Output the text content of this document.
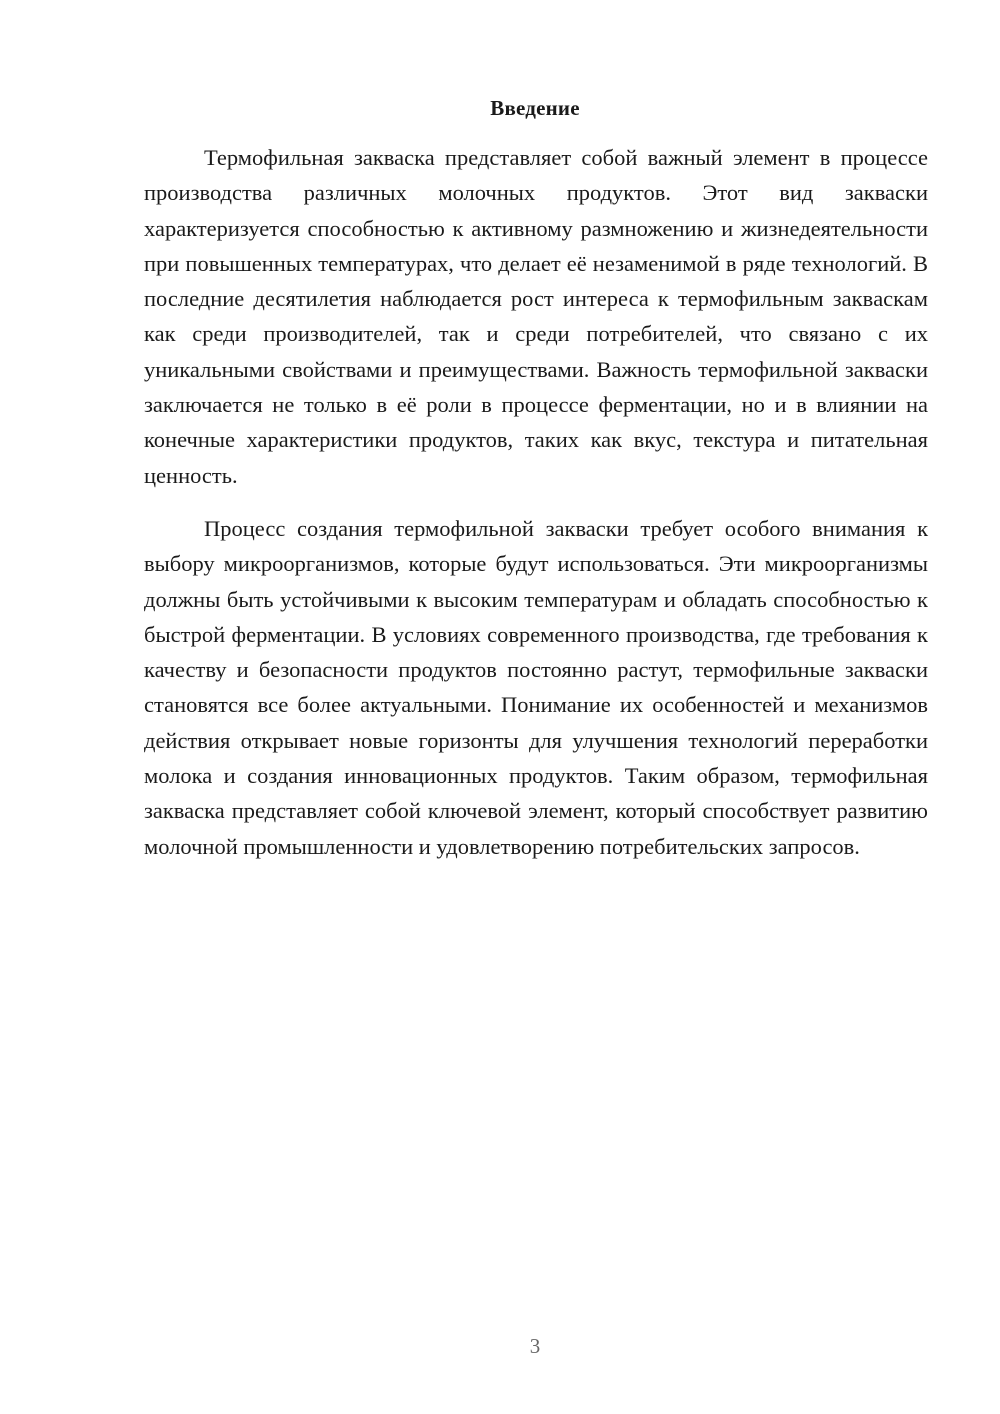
Введение

Термофильная закваска представляет собой важный элемент в процессе производства различных молочных продуктов. Этот вид закваски характеризуется способностью к активному размножению и жизнедеятельности при повышенных температурах, что делает её незаменимой в ряде технологий. В последние десятилетия наблюдается рост интереса к термофильным заквaскам как среди производителей, так и среди потребителей, что связано с их уникальными свойствами и преимуществами. Важность термофильной закваски заключается не только в её роли в процессе ферментации, но и в влиянии на конечные характеристики продуктов, таких как вкус, текстура и питательная ценность.

Процесс создания термофильной закваски требует особого внимания к выбору микроорганизмов, которые будут использоваться. Эти микроорганизмы должны быть устойчивыми к высоким температурам и обладать способностью к быстрой ферментации. В условиях современного производства, где требования к качеству и безопасности продуктов постоянно растут, термофильные закваски становятся все более актуальными. Понимание их особенностей и механизмов действия открывает новые горизонты для улучшения технологий переработки молока и создания инновационных продуктов. Таким образом, термофильная закваска представляет собой ключевой элемент, который способствует развитию молочной промышленности и удовлетворению потребительских запросов.

3
